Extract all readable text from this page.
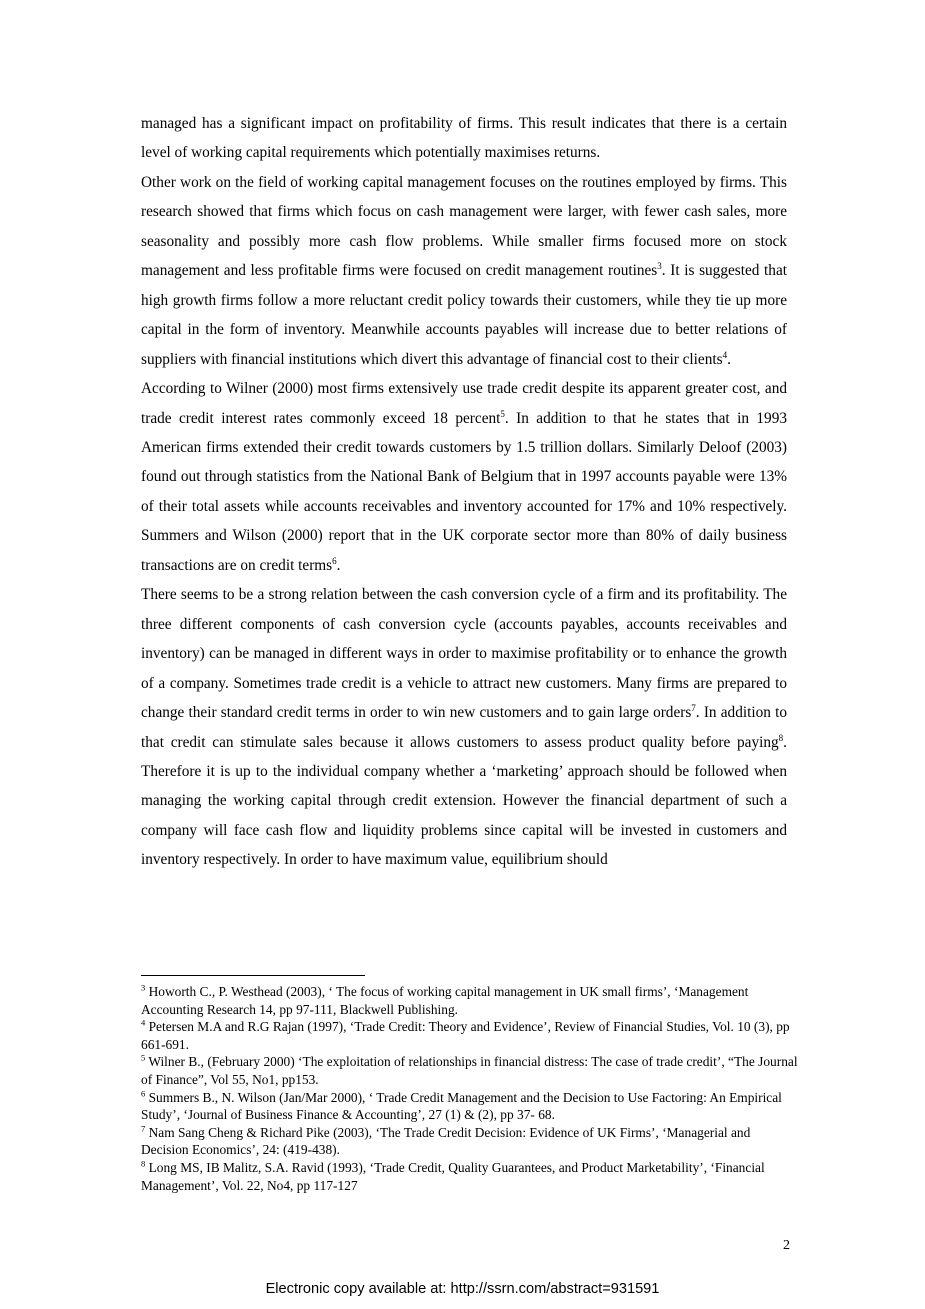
managed has a significant impact on profitability of firms. This result indicates that there is a certain level of working capital requirements which potentially maximises returns.

Other work on the field of working capital management focuses on the routines employed by firms. This research showed that firms which focus on cash management were larger, with fewer cash sales, more seasonality and possibly more cash flow problems. While smaller firms focused more on stock management and less profitable firms were focused on credit management routines$^3$. It is suggested that high growth firms follow a more reluctant credit policy towards their customers, while they tie up more capital in the form of inventory. Meanwhile accounts payables will increase due to better relations of suppliers with financial institutions which divert this advantage of financial cost to their clients$^4$.

According to Wilner (2000) most firms extensively use trade credit despite its apparent greater cost, and trade credit interest rates commonly exceed 18 percent$^5$. In addition to that he states that in 1993 American firms extended their credit towards customers by 1.5 trillion dollars. Similarly Deloof (2003) found out through statistics from the National Bank of Belgium that in 1997 accounts payable were 13% of their total assets while accounts receivables and inventory accounted for 17% and 10% respectively. Summers and Wilson (2000) report that in the UK corporate sector more than 80% of daily business transactions are on credit terms$^6$.

There seems to be a strong relation between the cash conversion cycle of a firm and its profitability. The three different components of cash conversion cycle (accounts payables, accounts receivables and inventory) can be managed in different ways in order to maximise profitability or to enhance the growth of a company. Sometimes trade credit is a vehicle to attract new customers. Many firms are prepared to change their standard credit terms in order to win new customers and to gain large orders$^7$. In addition to that credit can stimulate sales because it allows customers to assess product quality before paying$^8$. Therefore it is up to the individual company whether a ‘marketing’ approach should be followed when managing the working capital through credit extension. However the financial department of such a company will face cash flow and liquidity problems since capital will be invested in customers and inventory respectively. In order to have maximum value, equilibrium should

$^3$ Howorth C., P. Westhead (2003), ‘ The focus of working capital management in UK small firms’, ‘Management Accounting Research 14, pp 97-111, Blackwell Publishing.

$^4$ Petersen M.A and R.G Rajan (1997), ‘Trade Credit: Theory and Evidence’, Review of Financial Studies, Vol. 10 (3), pp 661-691.

$^5$ Wilner B., (February 2000) ‘The exploitation of relationships in financial distress: The case of trade credit’, “The Journal of Finance”, Vol 55, No1, pp153.

$^6$ Summers B., N. Wilson (Jan/Mar 2000), ‘ Trade Credit Management and the Decision to Use Factoring: An Empirical Study’, ‘Journal of Business Finance & Accounting’, 27 (1) & (2), pp 37- 68.

$^7$ Nam Sang Cheng & Richard Pike (2003), ‘The Trade Credit Decision: Evidence of UK Firms’, ‘Managerial and Decision Economics’, 24: (419-438).

$^8$ Long MS, IB Malitz, S.A. Ravid (1993), ‘Trade Credit, Quality Guarantees, and Product Marketability’, ‘Financial Management’, Vol. 22, No4, pp 117-127

2
Electronic copy available at: http://ssrn.com/abstract=931591
